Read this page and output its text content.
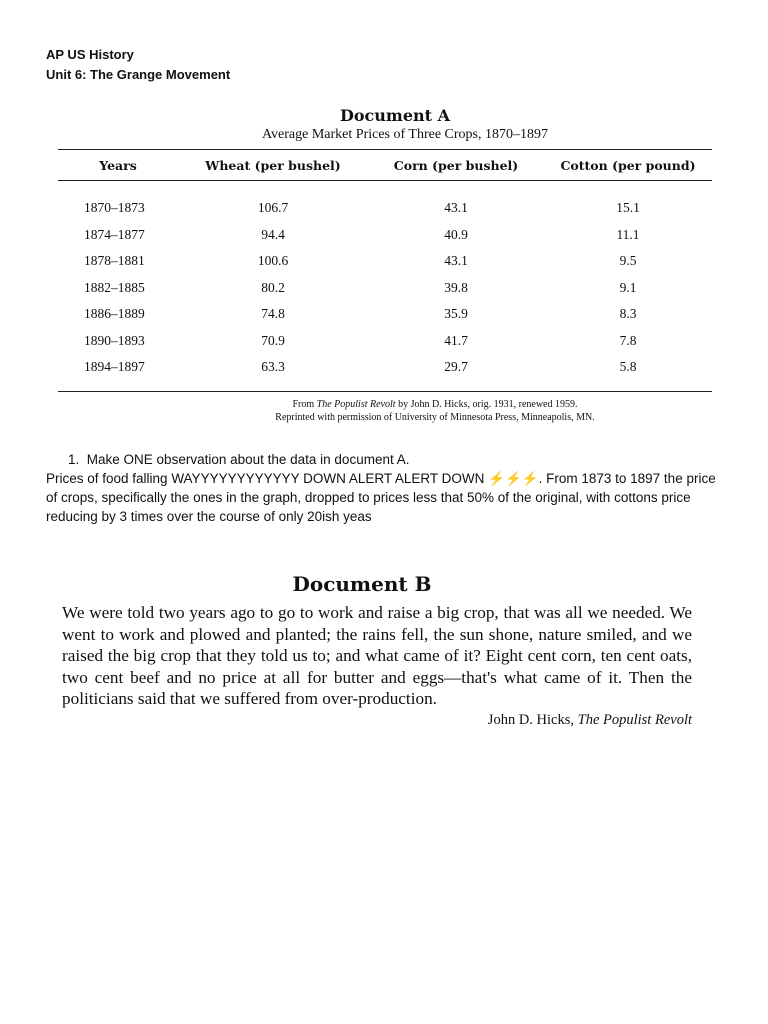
AP US History
Unit 6: The Grange Movement
Document A
Average Market Prices of Three Crops, 1870–1897
Years	Wheat (per bushel)	Corn (per bushel)	Cotton (per pound)
1870–1873	106.7	43.1	15.1
1874–1877	94.4	40.9	11.1
1878–1881	100.6	43.1	9.5
1882–1885	80.2	39.8	9.1
1886–1889	74.8	35.9	8.3
1890–1893	70.9	41.7	7.8
1894–1897	63.3	29.7	5.8
From The Populist Revolt by John D. Hicks, orig. 1931, renewed 1959.
Reprinted with permission of University of Minnesota Press, Minneapolis, MN.
1. Make ONE observation about the data in document A.
Prices of food falling WAYYYYYYYYYYYY DOWN ALERT ALERT DOWN ⚡⚡⚡. From 1873 to 1897 the price of crops, specifically the ones in the graph, dropped to prices less that 50% of the original, with cottons price reducing by 3 times over the course of only 20ish yeas
Document B
We were told two years ago to go to work and raise a big crop, that was all we needed. We went to work and plowed and planted; the rains fell, the sun shone, nature smiled, and we raised the big crop that they told us to; and what came of it? Eight cent corn, ten cent oats, two cent beef and no price at all for butter and eggs—that's what came of it. Then the politicians said that we suffered from over-production.
John D. Hicks, The Populist Revolt
